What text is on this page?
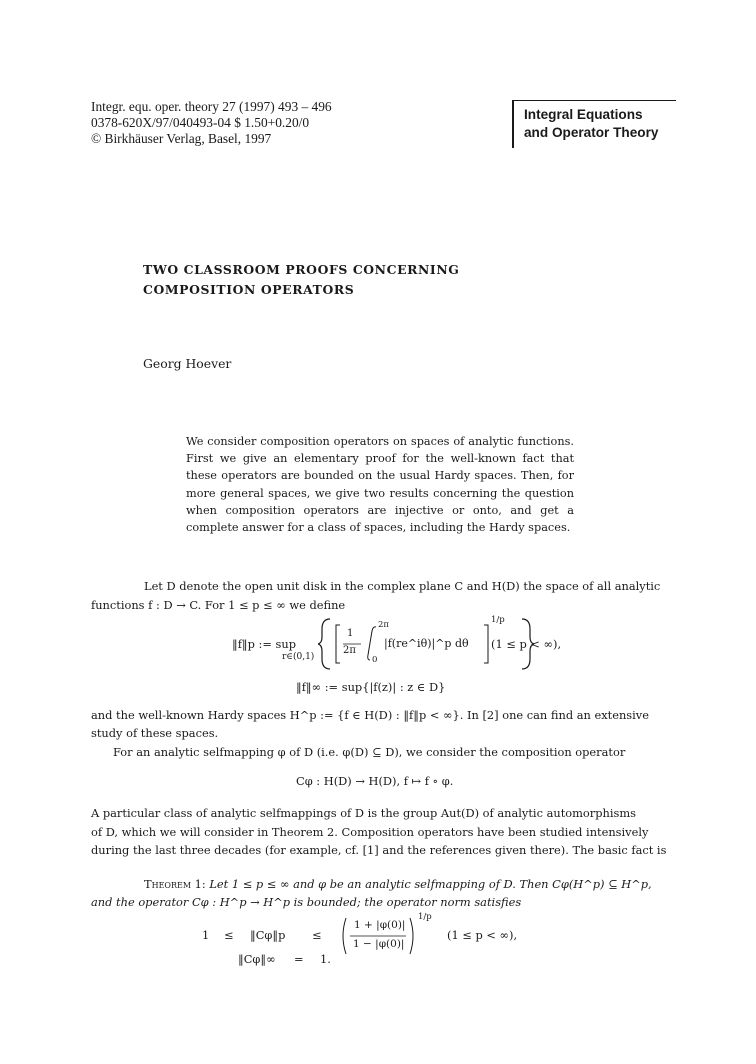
Integr. equ. oper. theory 27 (1997) 493 – 496
0378-620X/97/040493-04 $ 1.50+0.20/0
© Birkhäuser Verlag, Basel, 1997
Integral Equations
and Operator Theory
TWO CLASSROOM PROOFS CONCERNING
COMPOSITION OPERATORS
Georg Hoever
We consider composition operators on spaces of analytic functions. First we give an elementary proof for the well-known fact that these operators are bounded on the usual Hardy spaces. Then, for more general spaces, we give two results concerning the question when composition operators are injective or onto, and get a complete answer for a class of spaces, including the Hardy spaces.
Let D denote the open unit disk in the complex plane C and H(D) the space of all analytic
functions f : D → C. For 1 ≤ p ≤ ∞ we define
‖f‖p := sup
r∈(0,1)
1
2π
2π
0
|f(re^iθ)|^p dθ
1/p
(1 ≤ p < ∞),
‖f‖∞ := sup{|f(z)| : z ∈ D}
and the well-known Hardy spaces H^p := {f ∈ H(D) : ‖f‖p < ∞}. In [2] one can find an extensive
study of these spaces.
For an analytic selfmapping φ of D (i.e. φ(D) ⊆ D), we consider the composition operator
Cφ : H(D) → H(D), f ↦ f ∘ φ.
A particular class of analytic selfmappings of D is the group Aut(D) of analytic automorphisms
of D, which we will consider in Theorem 2. Composition operators have been studied intensively
during the last three decades (for example, cf. [1] and the references given there). The basic fact is
Theorem 1: Let 1 ≤ p ≤ ∞ and φ be an analytic selfmapping of D. Then Cφ(H^p) ⊆ H^p,
and the operator Cφ : H^p → H^p is bounded; the operator norm satisfies
1 ≤ ‖Cφ‖p ≤
1 + |φ(0)|
1 − |φ(0)|
1/p
(1 ≤ p < ∞),
‖Cφ‖∞ = 1.
